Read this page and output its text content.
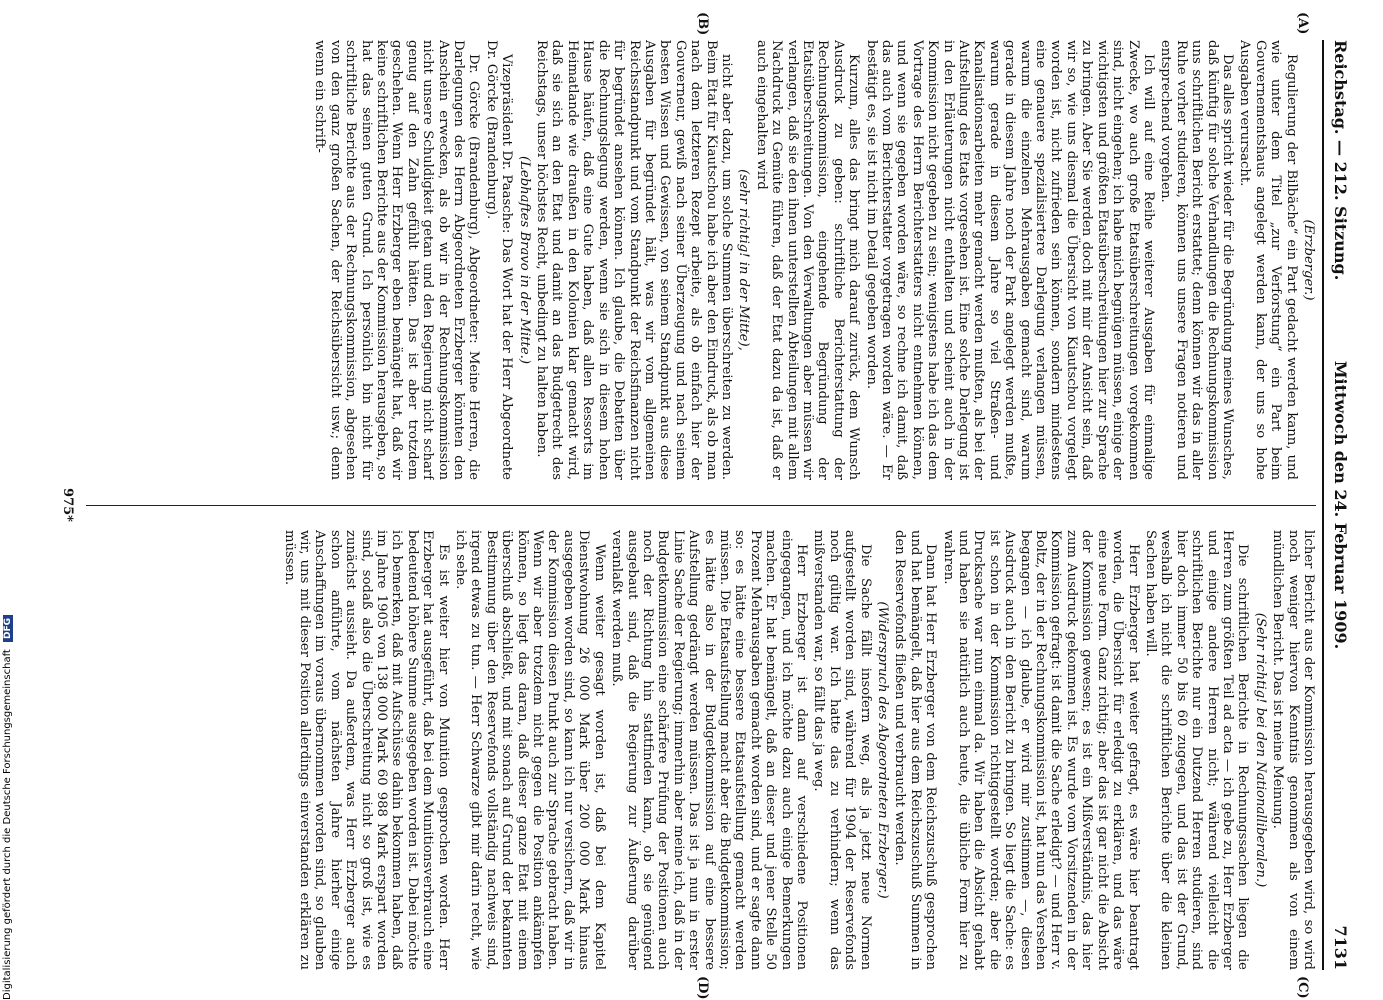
Reichstag. — 212. Sitzung.
Mittwoch den 24. Februar 1909.
7131
(A)
(B)
(C)
(D)

(Erzberger.)

Regulierung der Bilbäche“ ein Part gedacht werden kann, und wie unter dem Titel „zur Verforstung“ ein Part beim Gouvernementshaus angelegt werden kann, der uns so hohe Ausgaben verursacht.

Das alles spricht wieder für die Begründung meines Wunsches, daß künftig für solche Verhandlungen die Rechnungskommission uns schriftlichen Bericht erstattet; denn können wir das in aller Ruhe vorher studieren, können uns unsere Fragen notieren und entsprechend vorgehen.

Ich will auf eine Reihe weiterer Ausgaben für einmalige Zwecke, wo auch große Etatsüberschreitungen vorgekommen sind, nicht eingehen; ich habe mich begnügen müssen, einige der wichtigsten und größten Etatsüberschreitungen hier zur Sprache zu bringen. Aber Sie werden doch mit mir der Ansicht sein, daß wir so, wie uns diesmal die Übersicht von Kiautschou vorgelegt worden ist, nicht zufrieden sein können, sondern mindestens eine genauere spezialisiertere Darlegung verlangen müssen, warum die einzelnen Mehrausgaben gemacht sind, warum gerade in diesem Jahre noch der Park angelegt werden mußte, warum gerade in diesem Jahre so viel Straßen- und Kanalisationsarbeiten mehr gemacht werden mußten, als bei der Aufstellung des Etats vorgesehen ist. Eine solche Darlegung ist in den Erläuterungen nicht enthalten und scheint auch in der Kommission nicht gegeben zu sein; wenigstens habe ich das dem Vortrage des Herrn Berichterstatters nicht entnehmen können, und wenn sie gegeben worden wäre, so rechne ich damit, daß das auch vom Berichterstatter vorgetragen worden wäre. — Er bestätigt es, sie ist nicht im Detail gegeben worden.

Kurzum, alles das bringt mich darauf zurück, dem Wunsch Ausdruck zu geben: schriftliche Berichterstattung der Rechnungskommission, eingehende Begründung der Etatsüberschreitungen. Von den Verwaltungen aber müssen wir verlangen, daß sie den ihnen unterstellten Abteilungen mit allem Nachdruck zu Gemüte führen, daß der Etat dazu da ist, daß er auch eingehalten wird

(sehr richtig! in der Mitte),

nicht aber dazu, um solche Summen überschreiten zu werden. Beim Etat für Kiautschou habe ich aber den Eindruck, als ob man nach dem letzteren Rezept arbeite, als ob einfach hier der Gouverneur, gewiß nach seiner Überzeugung und nach seinem besten Wissen und Gewissen, von seinem Standpunkt aus diese Ausgaben für begründet hält, was wir vom allgemeinen Reichsstandpunkt und vom Standpunkt der Reichsfinanzen nicht für begründet ansehen können. Ich glaube, die Debatten über die Rechnungslegung werden, wenn sie sich in diesem hohen Hause häufen, daß eine Gute haben, daß allen Ressorts im Heimatlande wie draußen in den Kolonien klar gemacht wird, daß sie sich an den Etat und damit an das Budgetrecht des Reichstags, unser höchstes Recht, unbedingt zu halten haben.

(Lebhaftes Bravo in der Mitte.)

Vizepräsident Dr. Paasche: Das Wort hat der Herr Abgeordnete Dr. Görcke (Brandenburg).

Dr. Görcke (Brandenburg), Abgeordneter: Meine Herren, die Darlegungen des Herrn Abgeordneten Erzberger könnten den Anschein erwecken, als ob wir in der Rechnungskommission nicht unsere Schuldigkeit getan und den Regierung nicht scharf genug auf den Zahn gefühlt hätten. Das ist aber trotzdem geschehen. Wenn Herr Erzberger eben bemängelt hat, daß wir keine schriftlichen Berichte aus der Kommission herausgeben, so hat das seinen guten Grund. Ich persönlich bin nicht für schriftliche Berichte aus der Rechnungskommission, abgesehen von den ganz großen Sachen, der Reichsübersicht usw.; denn wenn ein schrift-

licher Bericht aus der Kommission herausgegeben wird, so wird noch weniger hiervon Kenntnis genommen als von einem mündlichen Bericht. Das ist meine Meinung.

(Sehr richtig! bei den Nationalliberalen.)

Die schriftlichen Berichte in Rechnungssachen liegen die Herren zum größten Teil ad acta — ich gebe zu, Herr Erzberger und einige andere Herren nicht; während vielleicht die schriftlichen Berichte nur ein Dutzend Herren studieren, sind hier doch immer 50 bis 60 zugegen, und das ist der Grund, weshalb ich nicht die schriftlichen Berichte über die kleinen Sachen haben will.

Herr Erzberger hat weiter gefragt, es wäre hier beantragt worden, die Übersicht für erledigt zu erklären, und das wäre eine neue Form. Ganz richtig; aber das ist gar nicht die Absicht der Kommission gewesen; es ist ein Mißverständnis, das hier zum Ausdruck gekommen ist. Es wurde vom Vorsitzenden in der Kommission gefragt: ist damit die Sache erledigt? — und Herr v. Boltz, der in der Rechnungskommission ist, hat nun das Versehen begangen — ich glaube, er wird mir zustimmen —, diesen Ausdruck auch in den Bericht zu bringen. So liegt die Sache: es ist schon in der Kommission richtiggestellt worden; aber die Drucksache war nun einmal da. Wir haben die Absicht gehabt und haben sie natürlich auch heute, die übliche Form hier zu wahren.

Dann hat Herr Erzberger von dem Reichszuschuß gesprochen und hat bemängelt, daß hier aus dem Reichszuschuß Summen in den Reservefonds fließen und verbraucht werden.

(Widerspruch des Abgeordneten Erzberger.)

Die Sache fällt insofern weg, als ja jetzt neue Normen aufgestellt worden sind, während für 1904 der Reservefonds noch gültig war. Ich hatte das zu verhindern; wenn das mißverstanden war, so fällt das ja weg.

Herr Erzberger ist dann auf verschiedene Positionen eingegangen, und ich möchte dazu auch einige Bemerkungen machen. Er hat bemängelt, daß an dieser und jener Stelle 50 Prozent Mehrausgaben gemacht worden sind, und er sagte dann so: es hätte eine bessere Etatsaufstellung gemacht werden müssen. Die Etatsaufstellung macht aber die Budgetkommission; es hätte also in der Budgetkommission auf eine bessere Aufstellung gedrängt werden müssen. Das ist ja nun in erster Linie Sache der Regierung; immerhin aber meine ich, daß in der Budgetkommission eine schärfere Prüfung der Positionen auch noch der Richtung hin stattfinden kann, ob sie genügend ausgebaut sind, daß die Regierung zur Äußerung darüber veranlaßt werden muß.

Wenn weiter gesagt worden ist, daß bei dem Kapitel Dienstwohnung 26 000 Mark über 200 000 Mark hinaus ausgegeben worden sind, so kann ich nur versichern, daß wir in der Kommission diesen Punkt auch zur Sprache gebracht haben. Wenn wir aber trotzdem nicht gegen die Position ankämpfen können, so liegt das daran, daß dieser ganze Etat mit einem überschuß abschließt, und mit sonach auf Grund der bekannten Bestimmung über den Reservefonds vollständig nachweis sind, irgend etwas zu tun. — Herr Schwarze gibt mir darin recht, wie ich sehe.

Es ist weiter hier von Munition gesprochen worden. Herr Erzberger hat ausgeführt, daß bei dem Munitionsverbrauch eine bedeutend höhere Summe ausgegeben worden ist. Dabei möchte ich bemerken, daß mit Aufschüsse dahin bekommen haben, daß im Jahre 1905 von 138 000 Mark 60 988 Mark erspart worden sind, sodaß also die Überschreitung nicht so groß ist, wie es zunächst aussieht. Da außerdem, was Herr Erzberger auch schon anführte, vom nächsten Jahre hierher einige Anschaffungen im voraus übernommen worden sind, so glauben wir, uns mit dieser Position allerdings einverstanden erklären zu müssen.

975*
Digitalisierung gefördert durch die Deutsche Forschungsgemeinschaft DFG
